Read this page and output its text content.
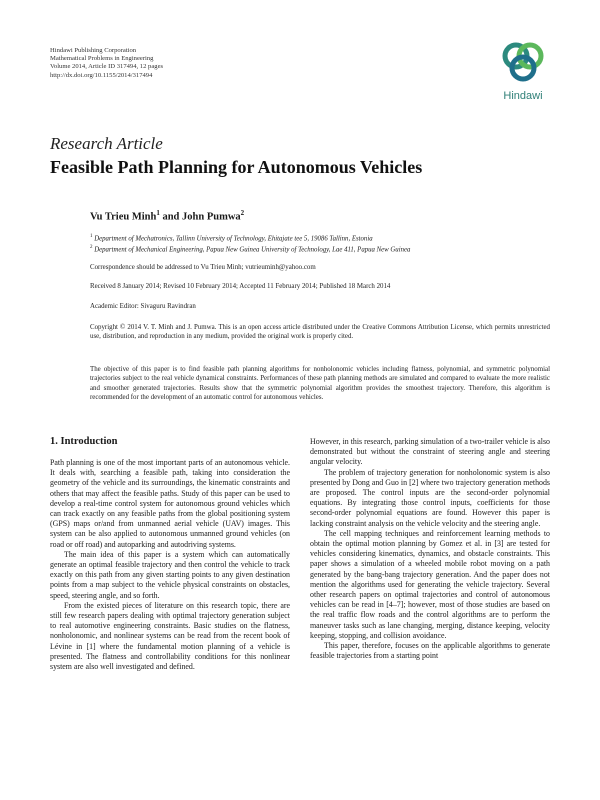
Hindawi Publishing Corporation
Mathematical Problems in Engineering
Volume 2014, Article ID 317494, 12 pages
http://dx.doi.org/10.1155/2014/317494
Hindawi
Research Article
Feasible Path Planning for Autonomous Vehicles
Vu Trieu Minh$^1$ and John Pumwa$^2$
$^1$ Department of Mechatronics, Tallinn University of Technology, Ehitajate tee 5, 19086 Tallinn, Estonia
$^2$ Department of Mechanical Engineering, Papua New Guinea University of Technology, Lae 411, Papua New Guinea
Correspondence should be addressed to Vu Trieu Minh; vutrieuminh@yahoo.com
Received 8 January 2014; Revised 10 February 2014; Accepted 11 February 2014; Published 18 March 2014
Academic Editor: Sivaguru Ravindran
Copyright © 2014 V. T. Minh and J. Pumwa. This is an open access article distributed under the Creative Commons Attribution License, which permits unrestricted use, distribution, and reproduction in any medium, provided the original work is properly cited.
The objective of this paper is to find feasible path planning algorithms for nonholonomic vehicles including flatness, polynomial, and symmetric polynomial trajectories subject to the real vehicle dynamical constraints. Performances of these path planning methods are simulated and compared to evaluate the more realistic and smoother generated trajectories. Results show that the symmetric polynomial algorithm provides the smoothest trajectory. Therefore, this algorithm is recommended for the development of an automatic control for autonomous vehicles.
1. Introduction

Path planning is one of the most important parts of an autonomous vehicle. It deals with, searching a feasible path, taking into consideration the geometry of the vehicle and its surroundings, the kinematic constraints and others that may affect the feasible paths. Study of this paper can be used to develop a real-time control system for autonomous ground vehicles which can track exactly on any feasible paths from the global positioning system (GPS) maps or/and from unmanned aerial vehicle (UAV) images. This system can be also applied to autonomous unmanned ground vehicles (on road or off road) and autoparking and autodriving systems.

The main idea of this paper is a system which can automatically generate an optimal feasible trajectory and then control the vehicle to track exactly on this path from any given starting points to any given destination points from a map subject to the vehicle physical constraints on obstacles, speed, steering angle, and so forth.

From the existed pieces of literature on this research topic, there are still few research papers dealing with optimal trajectory generation subject to real automotive engineering constraints. Basic studies on the flatness, nonholonomic, and nonlinear systems can be read from the recent book of Lévine in [1] where the fundamental motion planning of a vehicle is presented. The flatness and controllability conditions for this nonlinear system are also well investigated and defined.

However, in this research, parking simulation of a two-trailer vehicle is also demonstrated but without the constraint of steering angle and steering angular velocity.

The problem of trajectory generation for nonholonomic system is also presented by Dong and Guo in [2] where two trajectory generation methods are proposed. The control inputs are the second-order polynomial equations. By integrating those control inputs, coefficients for those second-order polynomial equations are found. However this paper is lacking constraint analysis on the vehicle velocity and the steering angle.

The cell mapping techniques and reinforcement learning methods to obtain the optimal motion planning by Gomez et al. in [3] are tested for vehicles considering kinematics, dynamics, and obstacle constraints. This paper shows a simulation of a wheeled mobile robot moving on a path generated by the bang-bang trajectory generation. And the paper does not mention the algorithms used for generating the vehicle trajectory. Several other research papers on optimal trajectories and control of autonomous vehicles can be read in [4–7]; however, most of those studies are based on the real traffic flow roads and the control algorithms are to perform the maneuver tasks such as lane changing, merging, distance keeping, velocity keeping, stopping, and collision avoidance.

This paper, therefore, focuses on the applicable algorithms to generate feasible trajectories from a starting point
